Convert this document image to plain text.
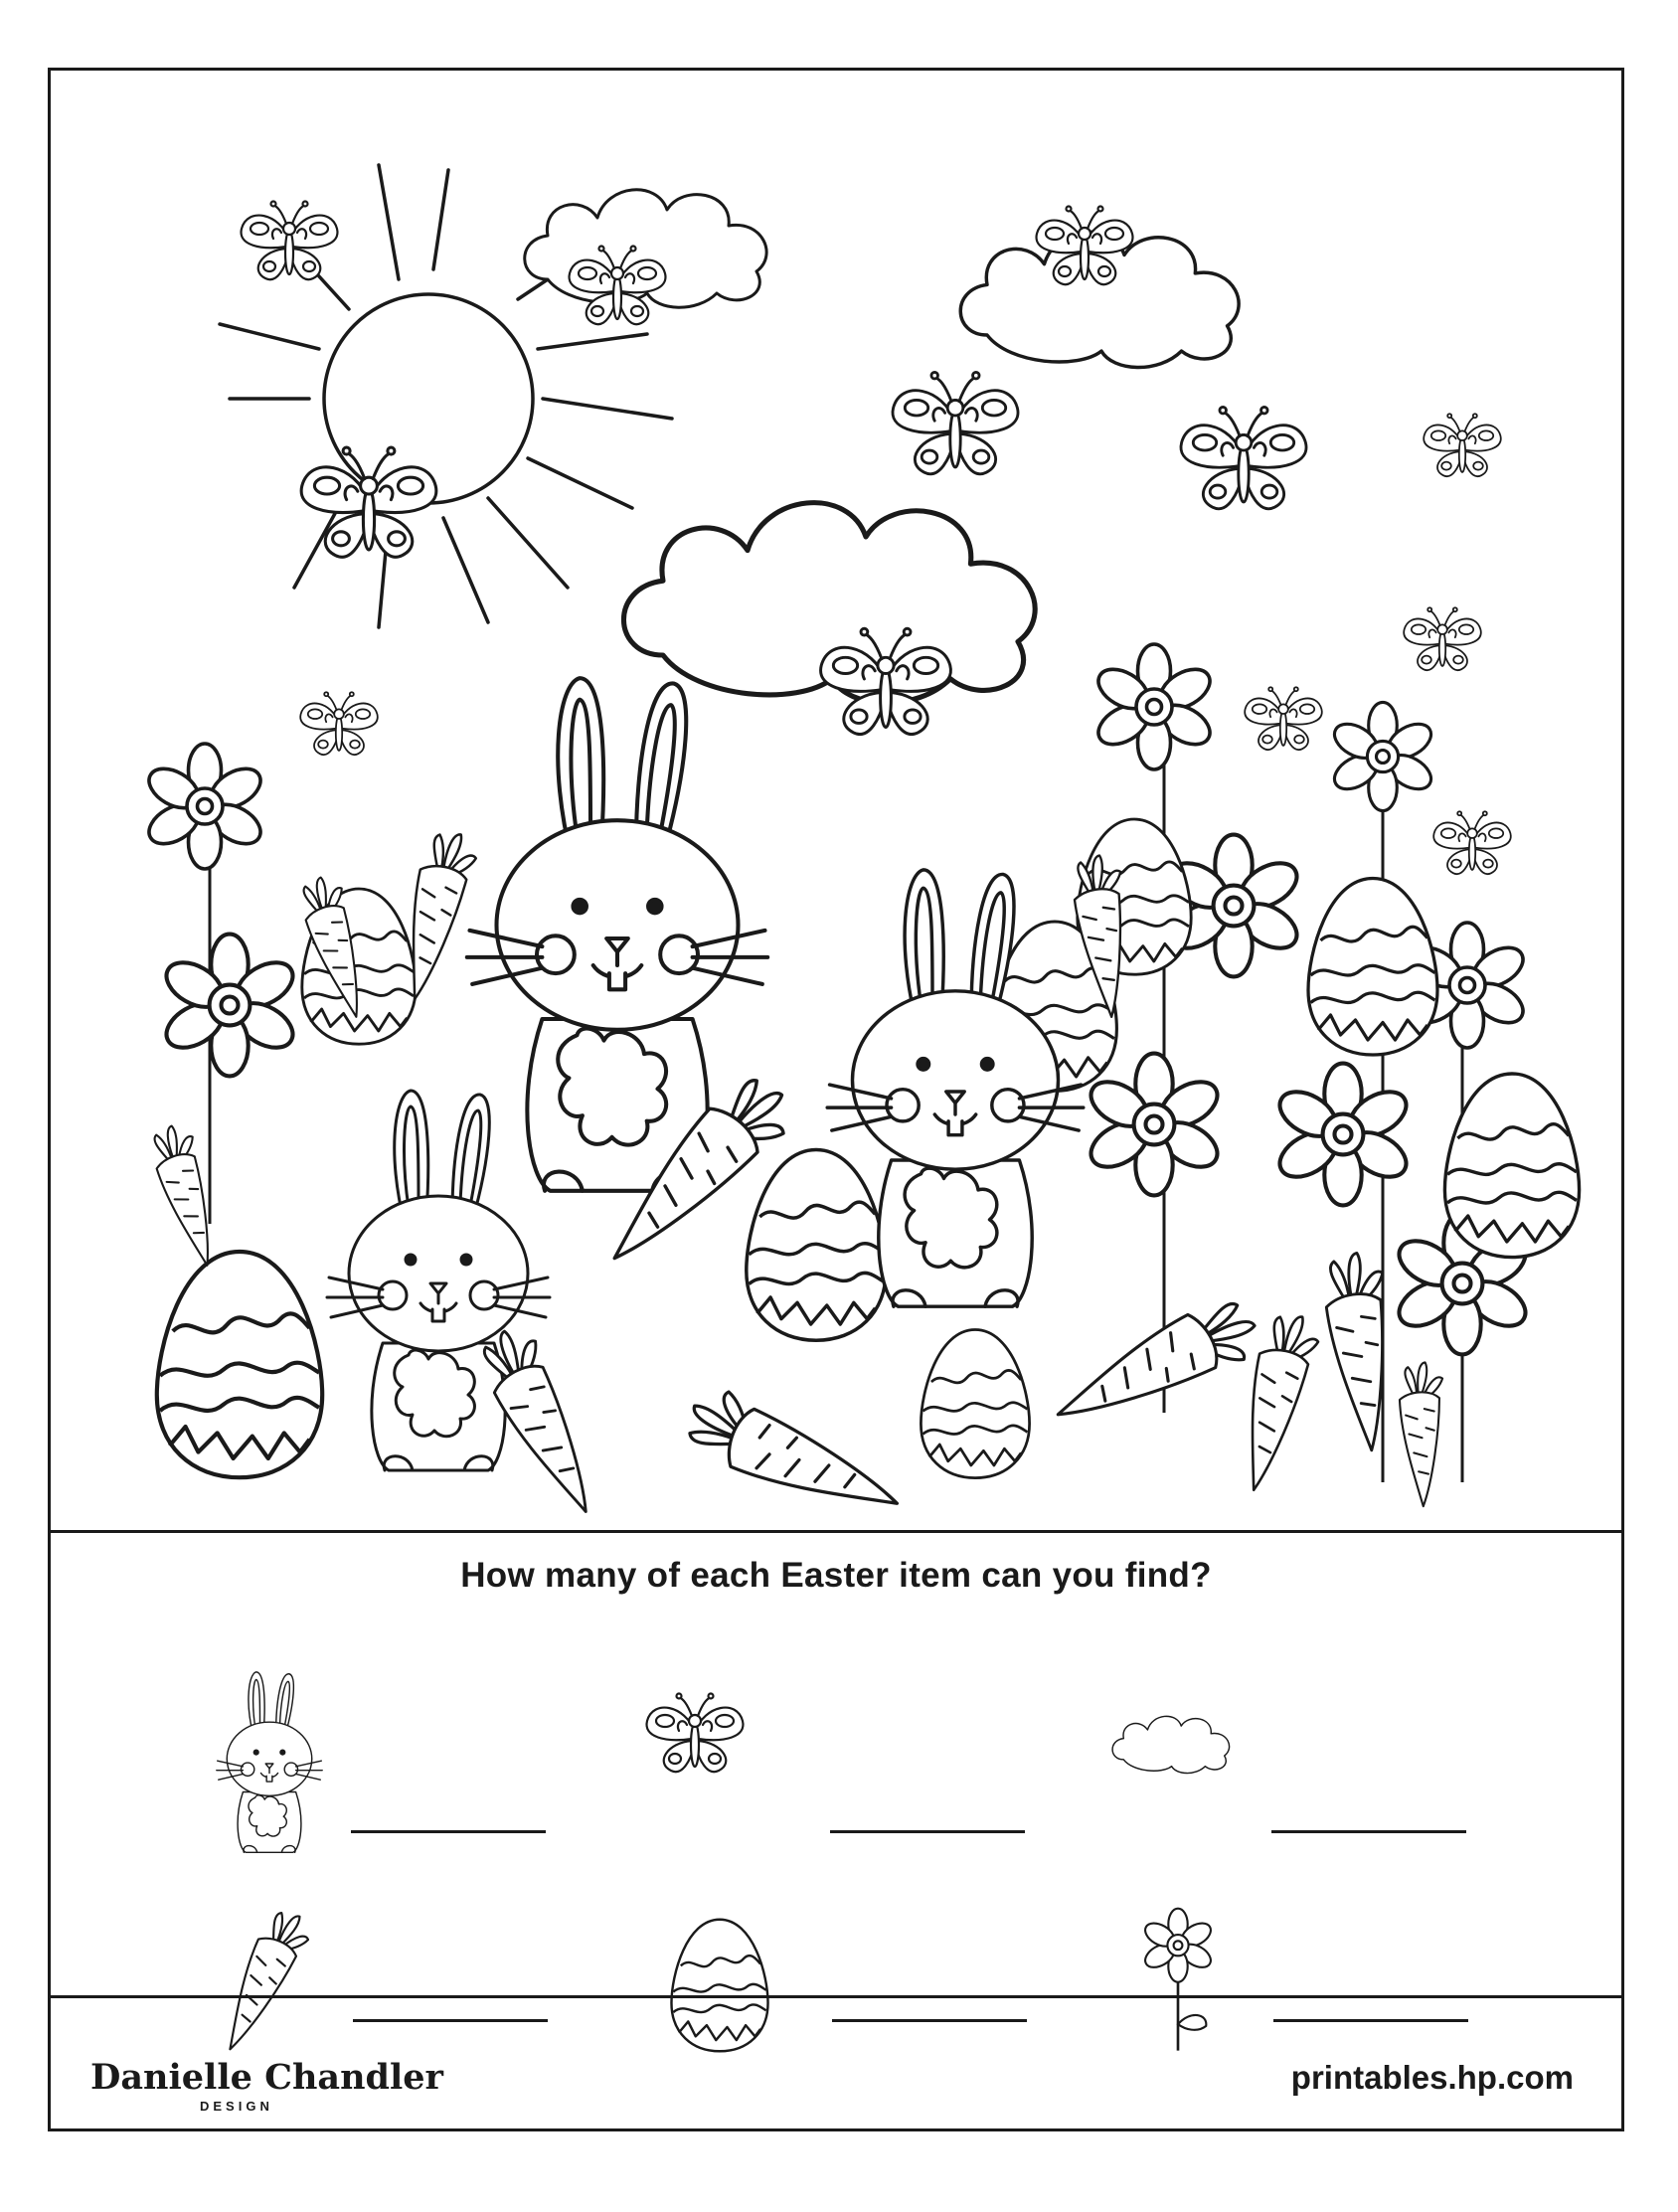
How many of each Easter item can you find?
Danielle Chandler
DESIGN
printables.hp.com
